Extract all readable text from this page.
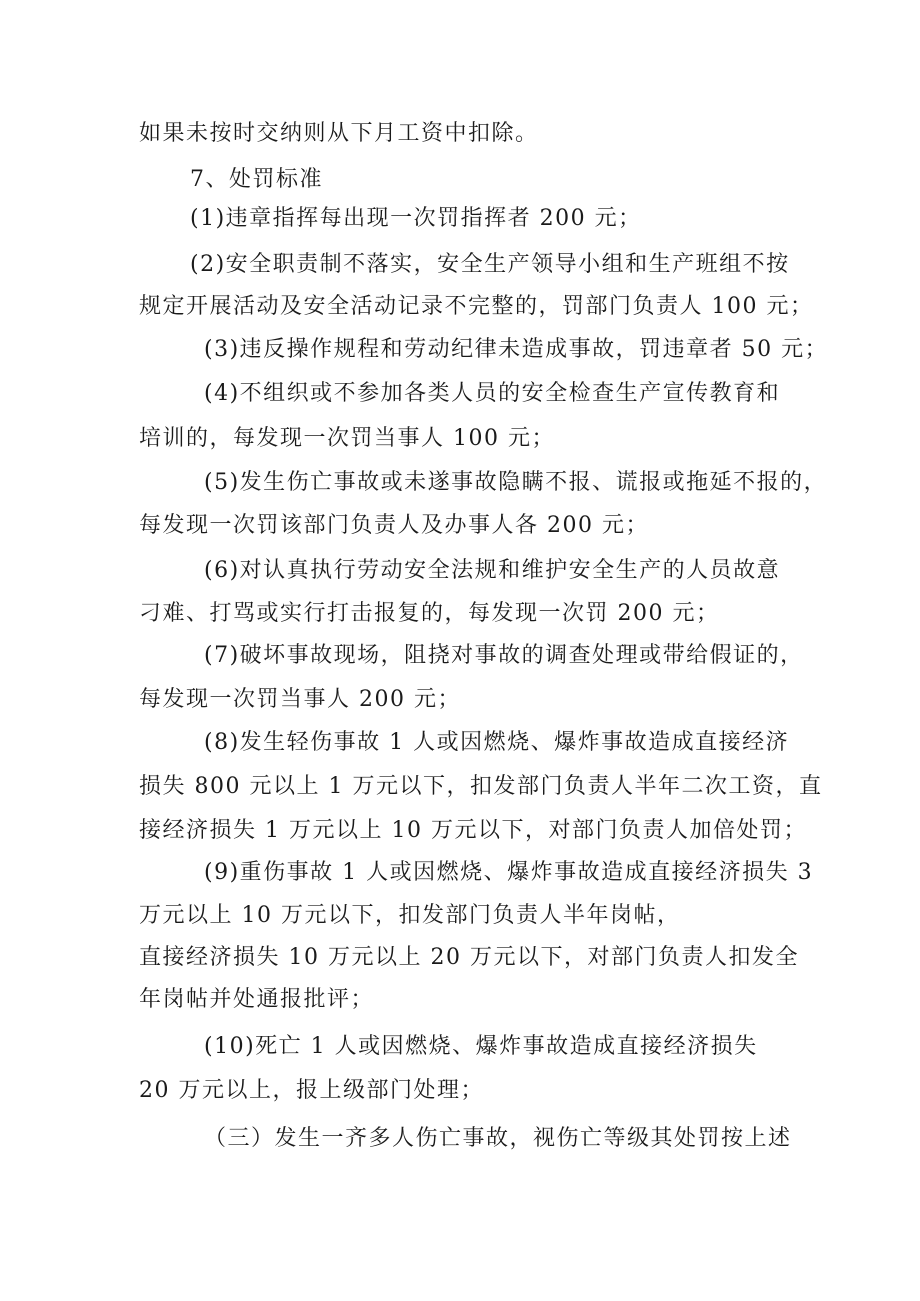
如果未按时交纳则从下月工资中扣除。
7、处罚标准
(1)违章指挥每出现一次罚指挥者 200 元；
(2)安全职责制不落实，安全生产领导小组和生产班组不按
规定开展活动及安全活动记录不完整的，罚部门负责人 100 元；
(3)违反操作规程和劳动纪律未造成事故，罚违章者 50 元；
(4)不组织或不参加各类人员的安全检查生产宣传教育和
培训的，每发现一次罚当事人 100 元；
(5)发生伤亡事故或未遂事故隐瞒不报、谎报或拖延不报的，
每发现一次罚该部门负责人及办事人各 200 元；
(6)对认真执行劳动安全法规和维护安全生产的人员故意
刁难、打骂或实行打击报复的，每发现一次罚 200 元；
(7)破坏事故现场，阻挠对事故的调查处理或带给假证的，
每发现一次罚当事人 200 元；
(8)发生轻伤事故 1 人或因燃烧、爆炸事故造成直接经济
损失 800 元以上 1 万元以下，扣发部门负责人半年二次工资，直
接经济损失 1 万元以上 10 万元以下，对部门负责人加倍处罚；
(9)重伤事故 1 人或因燃烧、爆炸事故造成直接经济损失 3
万元以上 10 万元以下，扣发部门负责人半年岗帖，
直接经济损失 10 万元以上 20 万元以下，对部门负责人扣发全
年岗帖并处通报批评；
(10)死亡 1 人或因燃烧、爆炸事故造成直接经济损失
20 万元以上，报上级部门处理；
（三）发生一齐多人伤亡事故，视伤亡等级其处罚按上述
